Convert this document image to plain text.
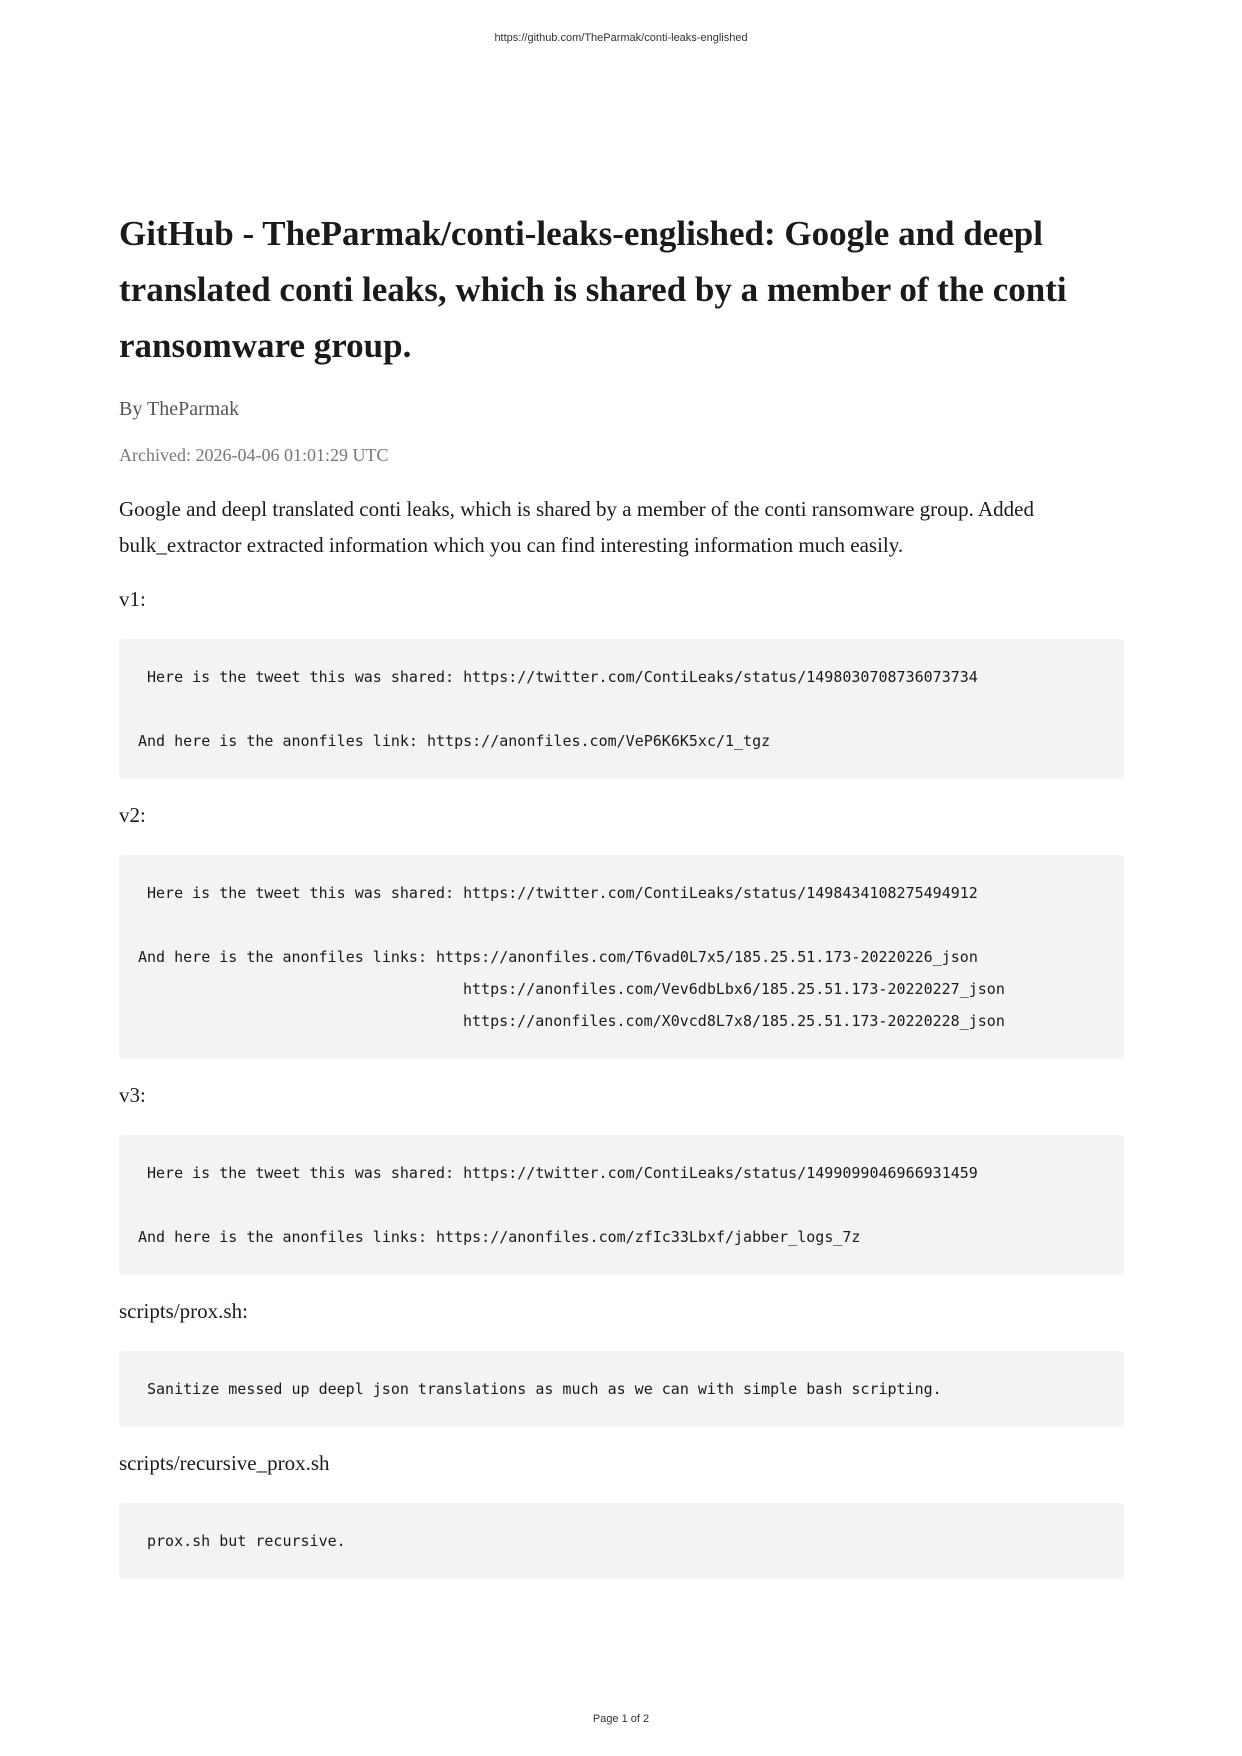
https://github.com/TheParmak/conti-leaks-englished
GitHub - TheParmak/conti-leaks-englished: Google and deepl translated conti leaks, which is shared by a member of the conti ransomware group.
By TheParmak
Archived: 2026-04-06 01:01:29 UTC
Google and deepl translated conti leaks, which is shared by a member of the conti ransomware group. Added bulk_extractor extracted information which you can find interesting information much easily.
v1:
Here is the tweet this was shared: https://twitter.com/ContiLeaks/status/1498030708736073734
And here is the anonfiles link: https://anonfiles.com/VeP6K6K5xc/1_tgz
v2:
Here is the tweet this was shared: https://twitter.com/ContiLeaks/status/1498434108275494912
And here is the anonfiles links: https://anonfiles.com/T6vad0L7x5/185.25.51.173-20220226_json
https://anonfiles.com/Vev6dbLbx6/185.25.51.173-20220227_json
https://anonfiles.com/X0vcd8L7x8/185.25.51.173-20220228_json
v3:
Here is the tweet this was shared: https://twitter.com/ContiLeaks/status/1499099046966931459
And here is the anonfiles links: https://anonfiles.com/zfIc33Lbxf/jabber_logs_7z
scripts/prox.sh:
Sanitize messed up deepl json translations as much as we can with simple bash scripting.
scripts/recursive_prox.sh
prox.sh but recursive.
Page 1 of 2
